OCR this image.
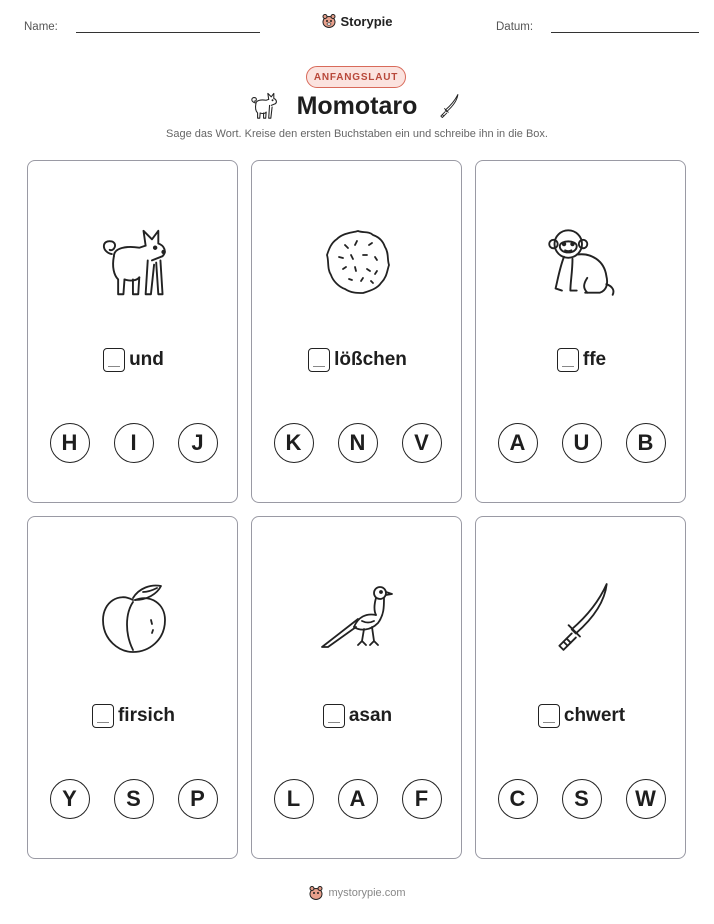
Name:	Storypie	Datum:
ANFANGSLAUT
Momotaro
Sage das Wort. Kreise den ersten Buchstaben ein und schreibe ihn in die Box.
und
H	I	J
lößchen
K	N	V
ffe
A	U	B
firsich
Y	S	P
asan
L	A	F
chwert
C	S	W
mystorypie.com
